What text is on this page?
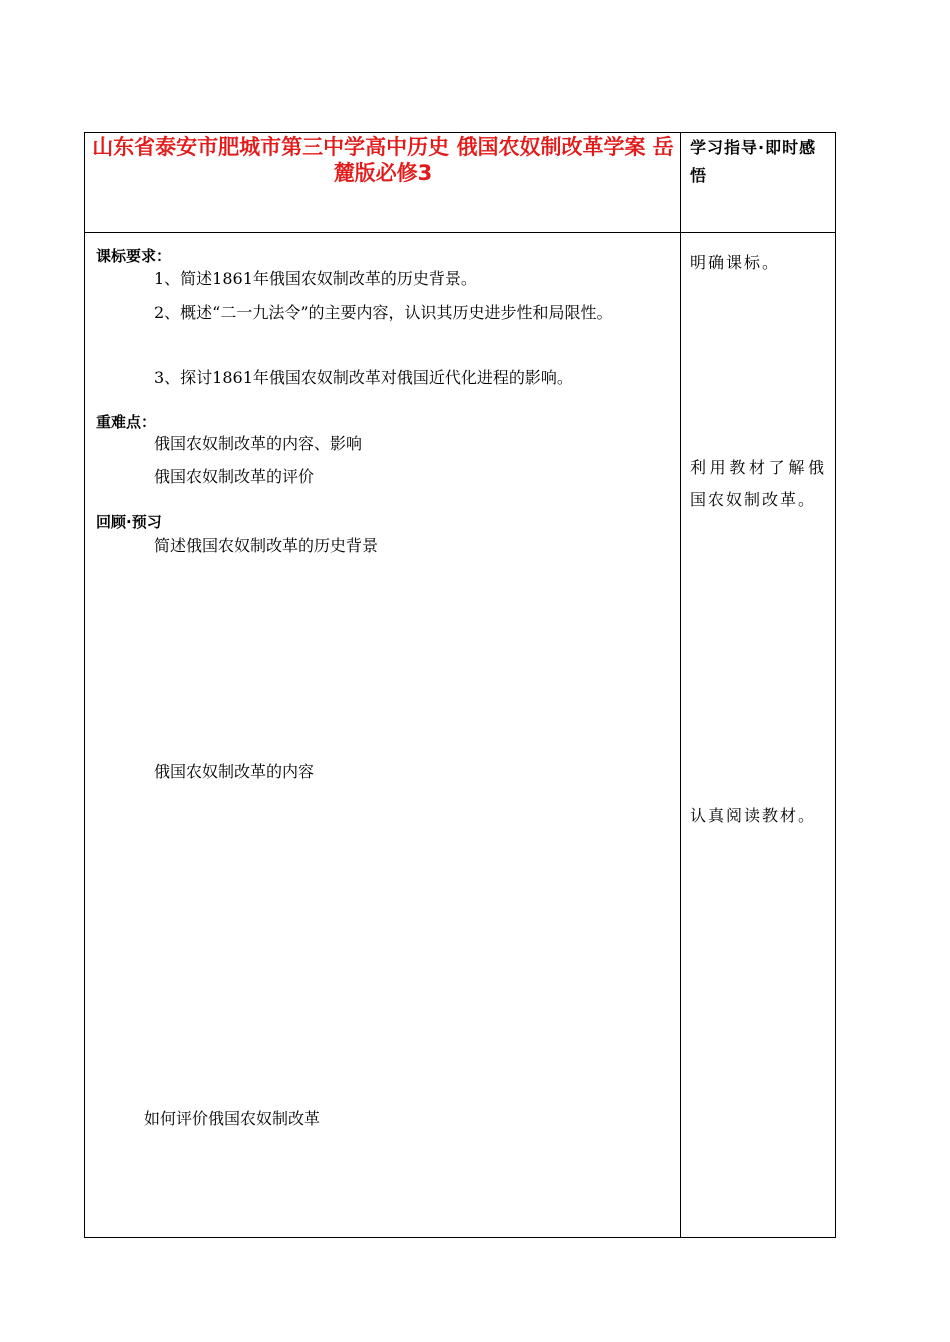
山东省泰安市肥城市第三中学高中历史 俄国农奴制改革学案 岳麓版必修3
学习指导·即时感悟
课标要求：
1、简述1861年俄国农奴制改革的历史背景。
2、概述“二一九法令”的主要内容，认识其历史进步性和局限性。
3、探讨1861年俄国农奴制改革对俄国近代化进程的影响。
重难点：
俄国农奴制改革的内容、影响
俄国农奴制改革的评价
回顾·预习
简述俄国农奴制改革的历史背景
俄国农奴制改革的内容
如何评价俄国农奴制改革
明确课标。
利用教材了解俄国农奴制改革。
认真阅读教材。
